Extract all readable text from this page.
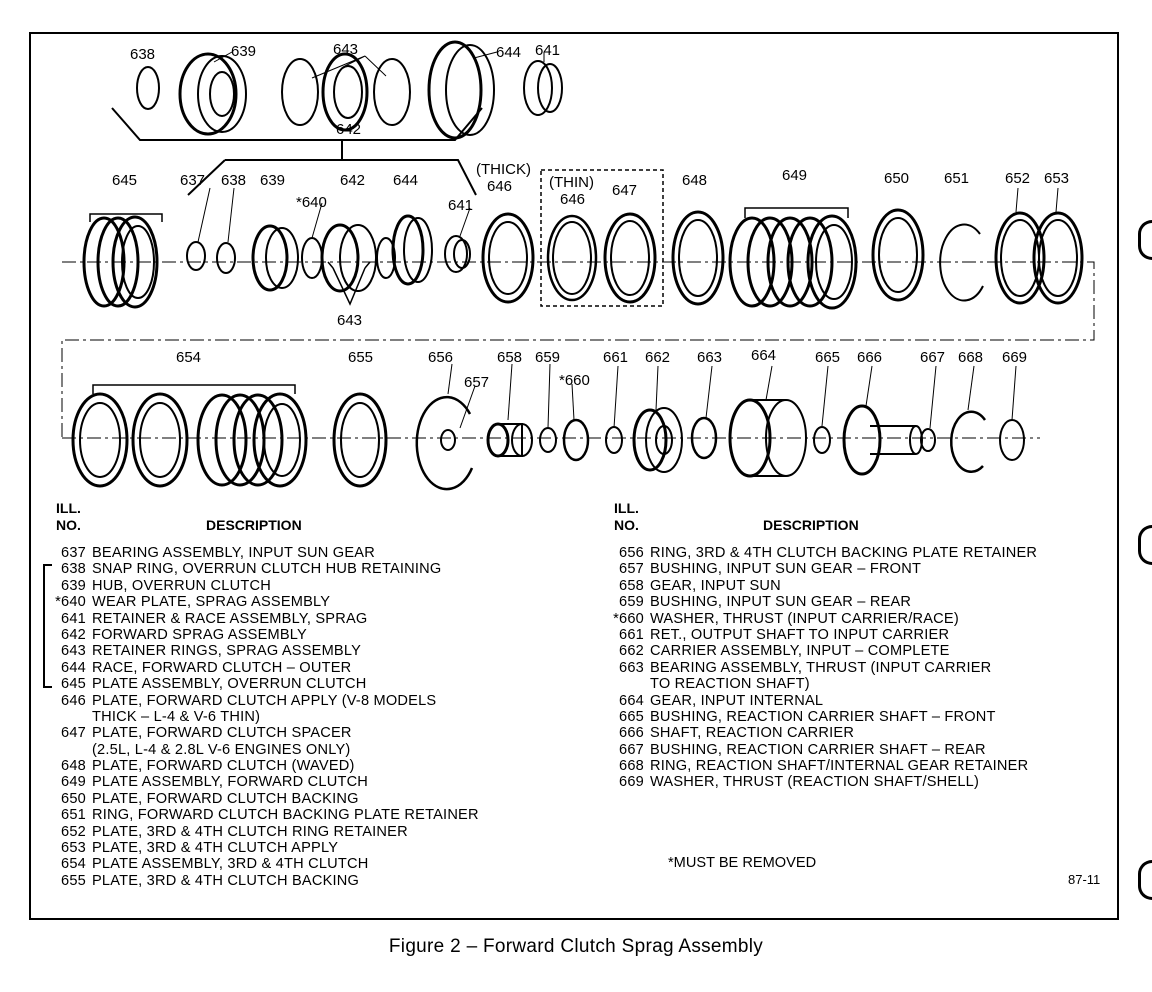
638	639	643	644 641
642
645	637 638 639
*640
642 644
641
(THICK)
646 (THIN)
646
647
648	649	650 651 652 653
643
654	655	656
657
658 659
*660
661 662 663 664	665 666	667 668 669
ILL.
NO.	DESCRIPTION
ILL.
NO.	DESCRIPTION
637 BEARING ASSEMBLY, INPUT SUN GEAR
638 SNAP RING, OVERRUN CLUTCH HUB RETAINING
639 HUB, OVERRUN CLUTCH
*640 WEAR PLATE, SPRAG ASSEMBLY
641 RETAINER & RACE ASSEMBLY, SPRAG
642 FORWARD SPRAG ASSEMBLY
643 RETAINER RINGS, SPRAG ASSEMBLY
644 RACE, FORWARD CLUTCH – OUTER
645 PLATE ASSEMBLY, OVERRUN CLUTCH
646 PLATE, FORWARD CLUTCH APPLY (V-8 MODELS
THICK – L-4 & V-6 THIN)
647 PLATE, FORWARD CLUTCH SPACER
(2.5L, L-4 & 2.8L V-6 ENGINES ONLY)
648 PLATE, FORWARD CLUTCH (WAVED)
649 PLATE ASSEMBLY, FORWARD CLUTCH
650 PLATE, FORWARD CLUTCH BACKING
651 RING, FORWARD CLUTCH BACKING PLATE RETAINER
652 PLATE, 3RD & 4TH CLUTCH RING RETAINER
653 PLATE, 3RD & 4TH CLUTCH APPLY
654 PLATE ASSEMBLY, 3RD & 4TH CLUTCH
655 PLATE, 3RD & 4TH CLUTCH BACKING
656 RING, 3RD & 4TH CLUTCH BACKING PLATE RETAINER
657 BUSHING, INPUT SUN GEAR – FRONT
658 GEAR, INPUT SUN
659 BUSHING, INPUT SUN GEAR – REAR
*660 WASHER, THRUST (INPUT CARRIER/RACE)
661 RET., OUTPUT SHAFT TO INPUT CARRIER
662 CARRIER ASSEMBLY, INPUT – COMPLETE
663 BEARING ASSEMBLY, THRUST (INPUT CARRIER
TO REACTION SHAFT)
664 GEAR, INPUT INTERNAL
665 BUSHING, REACTION CARRIER SHAFT – FRONT
666 SHAFT, REACTION CARRIER
667 BUSHING, REACTION CARRIER SHAFT – REAR
668 RING, REACTION SHAFT/INTERNAL GEAR RETAINER
669 WASHER, THRUST (REACTION SHAFT/SHELL)
*MUST BE REMOVED
87-11
Figure 2 – Forward Clutch Sprag Assembly
